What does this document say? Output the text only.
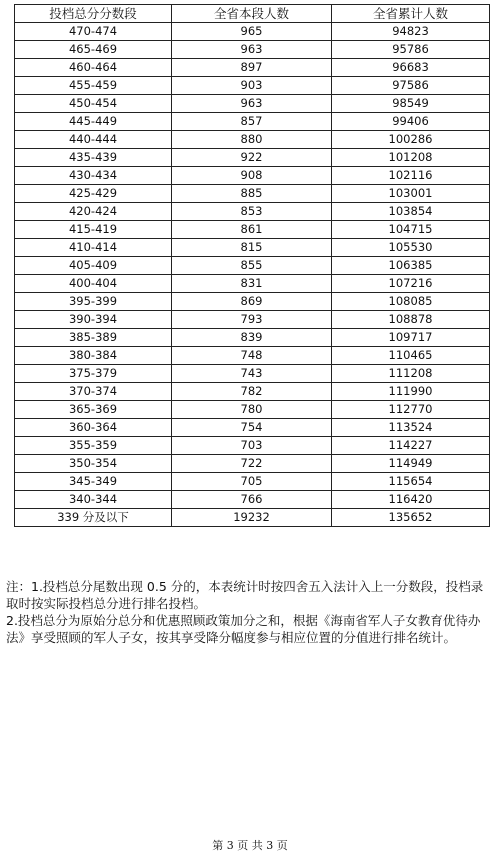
投档总分分数段	全省本段人数	全省累计人数
470-474	965	94823
465-469	963	95786
460-464	897	96683
455-459	903	97586
450-454	963	98549
445-449	857	99406
440-444	880	100286
435-439	922	101208
430-434	908	102116
425-429	885	103001
420-424	853	103854
415-419	861	104715
410-414	815	105530
405-409	855	106385
400-404	831	107216
395-399	869	108085
390-394	793	108878
385-389	839	109717
380-384	748	110465
375-379	743	111208
370-374	782	111990
365-369	780	112770
360-364	754	113524
355-359	703	114227
350-354	722	114949
345-349	705	115654
340-344	766	116420
339 分及以下	19232	135652

注：1.投档总分尾数出现 0.5 分的，本表统计时按四舍五入法计入上一分数段，投档录取时按实际投档总分进行排名投档。

2.投档总分为原始分总分和优惠照顾政策加分之和，根据《海南省军人子女教育优待办法》享受照顾的军人子女，按其享受降分幅度参与相应位置的分值进行排名统计。

第 3 页 共 3 页
